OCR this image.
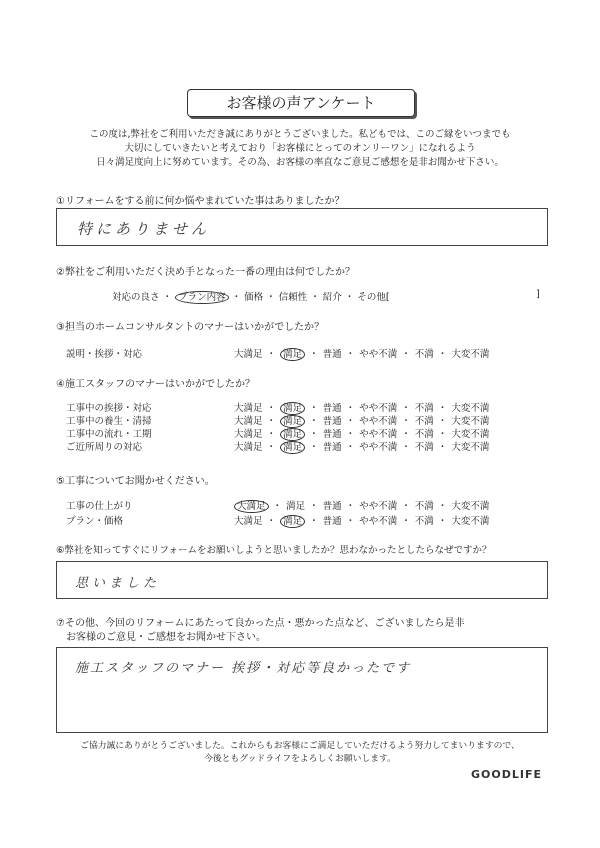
お客様の声アンケート
この度は,弊社をご利用いただき誠にありがとうございました。私どもでは、このご縁をいつまでも
大切にしていきたいと考えており「お客様にとってのオンリーワン」になれるよう
日々満足度向上に努めています。その為、お客様の率直なご意見ご感想を是非お聞かせ下さい。
①リフォームをする前に何か悩やまれていた事はありましたか？
特にありません
②弊社をご利用いただく決め手となった一番の理由は何でしたか？
対応の良さ ・ プラン内容 ・ 価格 ・ 信頼性 ・ 紹介 ・ その他[	]
③担当のホームコンサルタントのマナーはいかがでしたか？
説明・挨拶・対応	大満足 ・ 満足 ・ 普通 ・ やや不満 ・ 不満 ・ 大変不満
④施工スタッフのマナーはいかがでしたか？
工事中の挨拶・対応	大満足 ・ 満足 ・ 普通 ・ やや不満 ・ 不満 ・ 大変不満
工事中の養生・清掃	大満足 ・ 満足 ・ 普通 ・ やや不満 ・ 不満 ・ 大変不満
工事中の流れ・工期	大満足 ・ 満足 ・ 普通 ・ やや不満 ・ 不満 ・ 大変不満
ご近所周りの対応	大満足 ・ 満足 ・ 普通 ・ やや不満 ・ 不満 ・ 大変不満
⑤工事についてお聞かせください。
工事の仕上がり	大満足 ・ 満足 ・ 普通 ・ やや不満 ・ 不満 ・ 大変不満
プラン・価格	大満足 ・ 満足 ・ 普通 ・ やや不満 ・ 不満 ・ 大変不満
⑥弊社を知ってすぐにリフォームをお願いしようと思いましたか？思わなかったとしたらなぜですか？
思いました
⑦その他、今回のリフォームにあたって良かった点・悪かった点など、ございましたら是非
お客様のご意見・ご感想をお聞かせ下さい。
施工スタッフのマナー 挨拶・対応等良かったです
ご協力誠にありがとうございました。これからもお客様にご満足していただけるよう努力してまいりますので、
今後ともグッドライフをよろしくお願いします。
GOODLIFE
